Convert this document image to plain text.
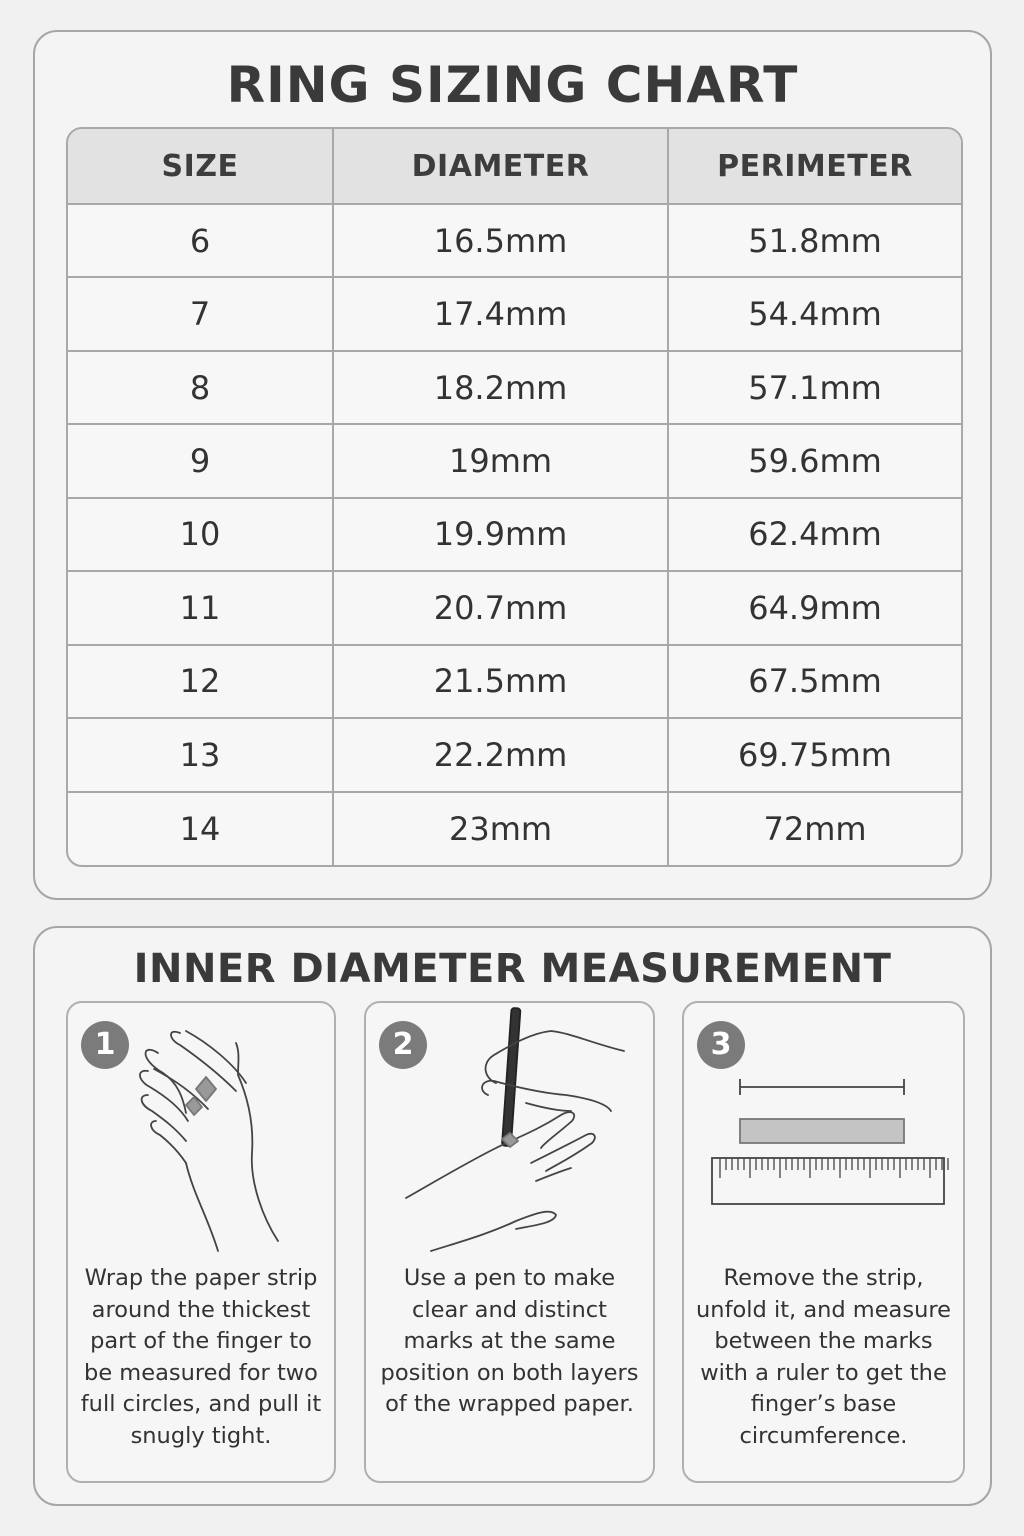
RING SIZING CHART
SIZE	DIAMETER	PERIMETER
6	16.5mm	51.8mm
7	17.4mm	54.4mm
8	18.2mm	57.1mm
9	19mm	59.6mm
10	19.9mm	62.4mm
11	20.7mm	64.9mm
12	21.5mm	67.5mm
13	22.2mm	69.75mm
14	23mm	72mm
INNER DIAMETER MEASUREMENT
1

Wrap the paper strip around the thickest part of the finger to be measured for two full circles, and pull it snugly tight.

2

Use a pen to make clear and distinct marks at the same position on both layers of the wrapped paper.

3

Remove the strip, unfold it, and measure between the marks with a ruler to get the finger’s base circumference.
